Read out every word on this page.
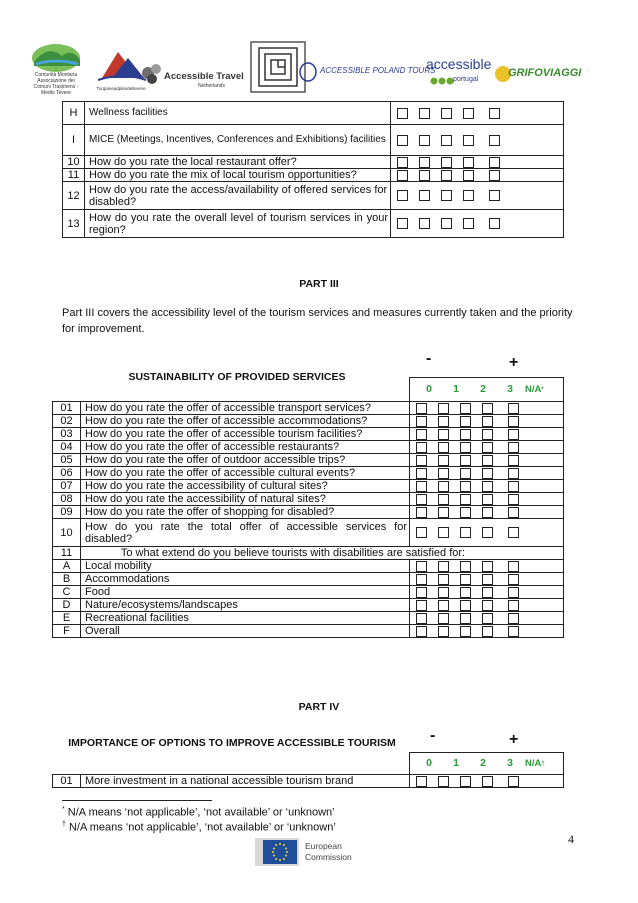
Comunità Montana Associazione dei Comuni Trasimeno - Medio Tevere
Turgianeadplesdeltevere
Accessible Travel
Netherlands
ACCESSIBLE POLAND TOURS
accessible
portugal
GRIFOVIAGGI
H	Wellness facilities	
I	MICE (Meetings, Incentives, Conferences and Exhibitions) facilities	
10	How do you rate the local restaurant offer?	
11	How do you rate the mix of local tourism opportunities?	
12	How do you rate the access/availability of offered services for disabled?	
13	How do you rate the overall level of tourism services in your region?	
PART III
Part III covers the accessibility level of the tourism services and measures currently taken and the priority for improvement.
SUSTAINABILITY OF PROVIDED SERVICES
-	+
		0 1 2 3 N/A*
01	How do you rate the offer of accessible transport services?	
02	How do you rate the offer of accessible accommodations?	
03	How do you rate the offer of accessible tourism facilities?	
04	How do you rate the offer of accessible restaurants?	
05	How do you rate the offer of outdoor accessible trips?	
06	How do you rate the offer of accessible cultural events?	
07	How do you rate the accessibility of cultural sites?	
08	How do you rate the accessibility of natural sites?	
09	How do you rate the offer of shopping for disabled?	
10	How do you rate the total offer of accessible services for disabled?	
11	To what extend do you believe tourists with disabilities are satisfied for:	
A	Local mobility	
B	Accommodations	
C	Food	
D	Nature/ecosystems/landscapes	
E	Recreational facilities	
F	Overall	
PART IV
IMPORTANCE OF OPTIONS TO IMPROVE ACCESSIBLE TOURISM	-	+
		0 1 2 3 N/A†
01	More investment in a national accessible tourism brand	
* N/A means ‘not applicable’, ‘not available’ or ‘unknown’
† N/A means ‘not applicable’, ‘not available’ or ‘unknown’
4
European
Commission
